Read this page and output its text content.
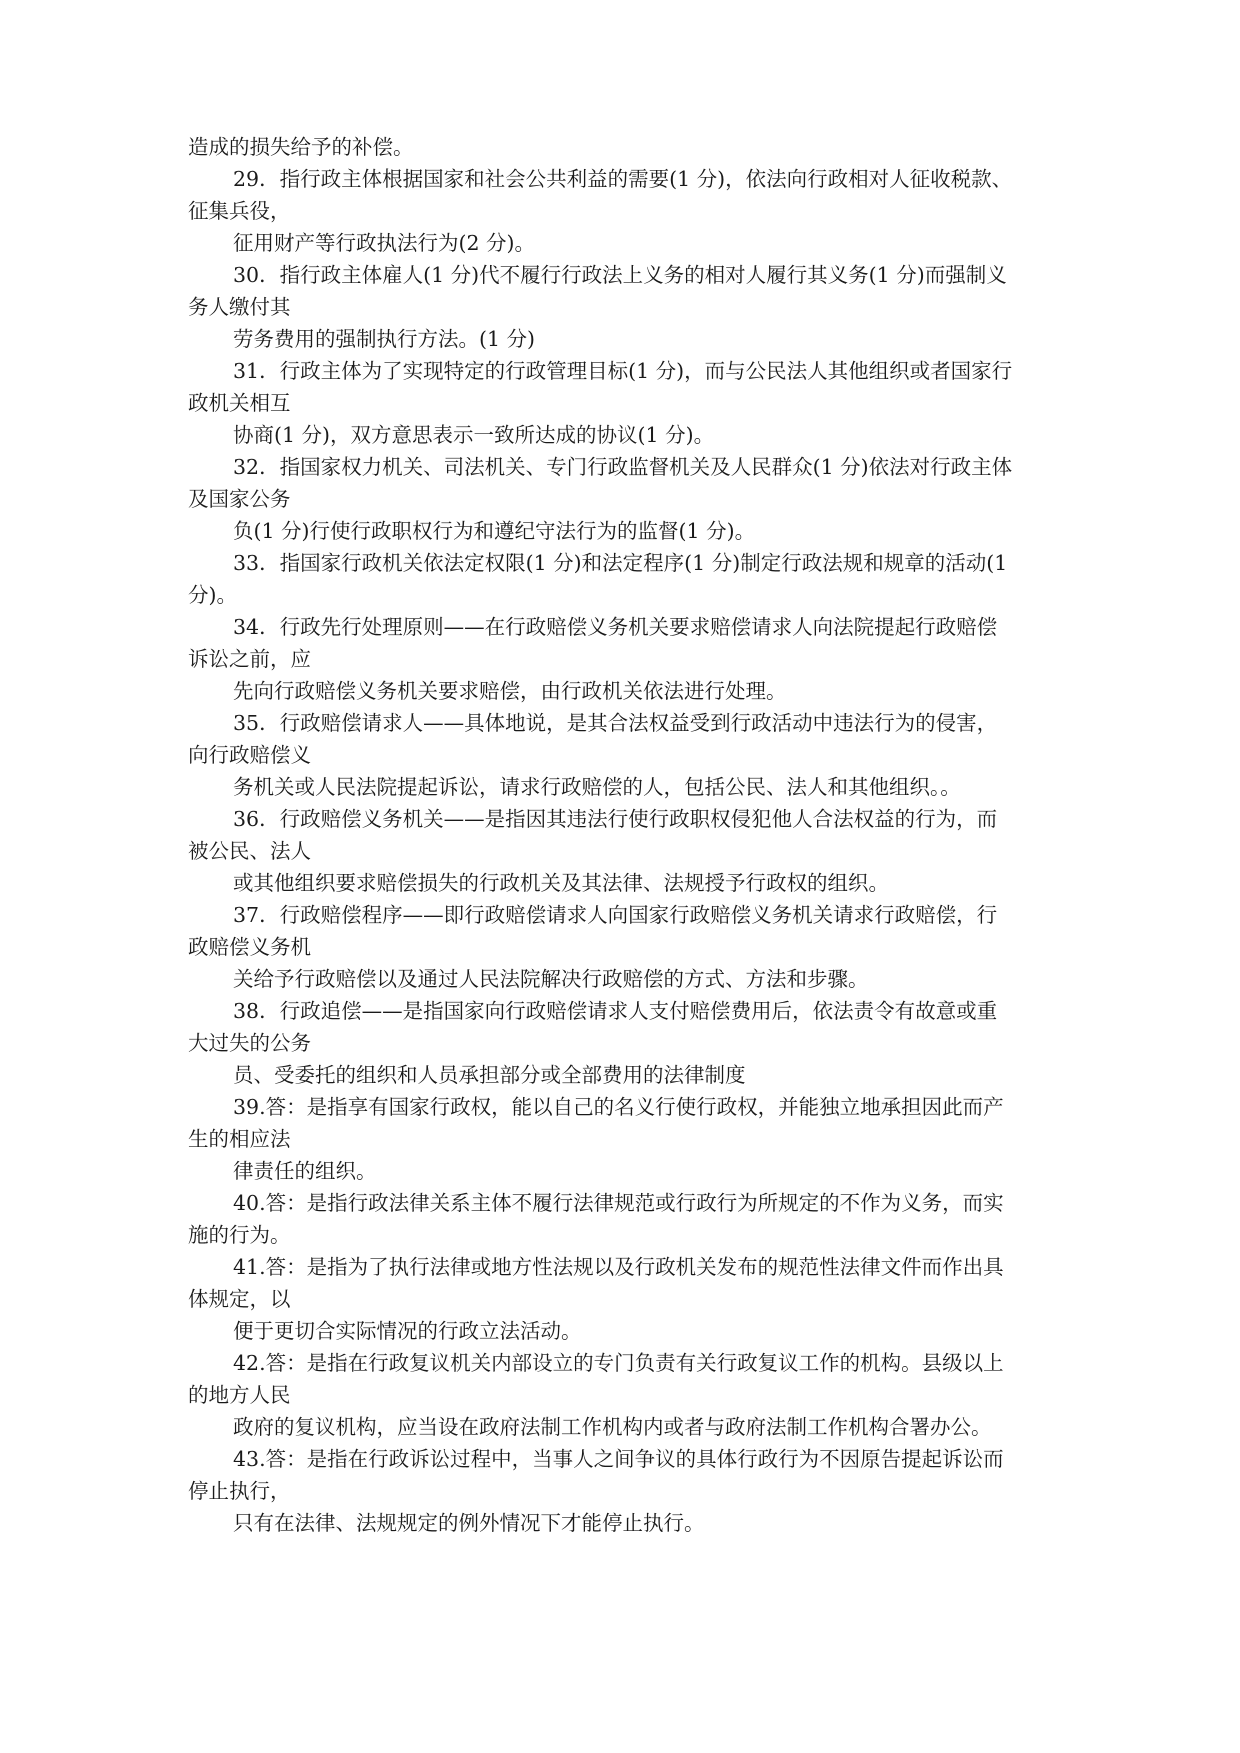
造成的损失给予的补偿。
29．指行政主体根据国家和社会公共利益的需要(1 分)，依法向行政相对人征收税款、
征集兵役，
征用财产等行政执法行为(2 分)。
30．指行政主体雇人(1 分)代不履行行政法上义务的相对人履行其义务(1 分)而强制义
务人缴付其
劳务费用的强制执行方法。(1 分)
31．行政主体为了实现特定的行政管理目标(1 分)，而与公民法人其他组织或者国家行
政机关相互
协商(1 分)，双方意思表示一致所达成的协议(1 分)。
32．指国家权力机关、司法机关、专门行政监督机关及人民群众(1 分)依法对行政主体
及国家公务
负(1 分)行使行政职权行为和遵纪守法行为的监督(1 分)。
33．指国家行政机关依法定权限(1 分)和法定程序(1 分)制定行政法规和规章的活动(1
分)。
34．行政先行处理原则——在行政赔偿义务机关要求赔偿请求人向法院提起行政赔偿
诉讼之前，应
先向行政赔偿义务机关要求赔偿，由行政机关依法进行处理。
35．行政赔偿请求人——具体地说，是其合法权益受到行政活动中违法行为的侵害，
向行政赔偿义
务机关或人民法院提起诉讼，请求行政赔偿的人，包括公民、法人和其他组织。。
36．行政赔偿义务机关——是指因其违法行使行政职权侵犯他人合法权益的行为，而
被公民、法人
或其他组织要求赔偿损失的行政机关及其法律、法规授予行政权的组织。
37．行政赔偿程序——即行政赔偿请求人向国家行政赔偿义务机关请求行政赔偿，行
政赔偿义务机
关给予行政赔偿以及通过人民法院解决行政赔偿的方式、方法和步骤。
38．行政追偿——是指国家向行政赔偿请求人支付赔偿费用后，依法责令有故意或重
大过失的公务
员、受委托的组织和人员承担部分或全部费用的法律制度
39.答：是指享有国家行政权，能以自己的名义行使行政权，并能独立地承担因此而产
生的相应法
律责任的组织。
40.答：是指行政法律关系主体不履行法律规范或行政行为所规定的不作为义务，而实
施的行为。
41.答：是指为了执行法律或地方性法规以及行政机关发布的规范性法律文件而作出具
体规定，以
便于更切合实际情况的行政立法活动。
42.答：是指在行政复议机关内部设立的专门负责有关行政复议工作的机构。县级以上
的地方人民
政府的复议机构，应当设在政府法制工作机构内或者与政府法制工作机构合署办公。
43.答：是指在行政诉讼过程中，当事人之间争议的具体行政行为不因原告提起诉讼而
停止执行，
只有在法律、法规规定的例外情况下才能停止执行。
